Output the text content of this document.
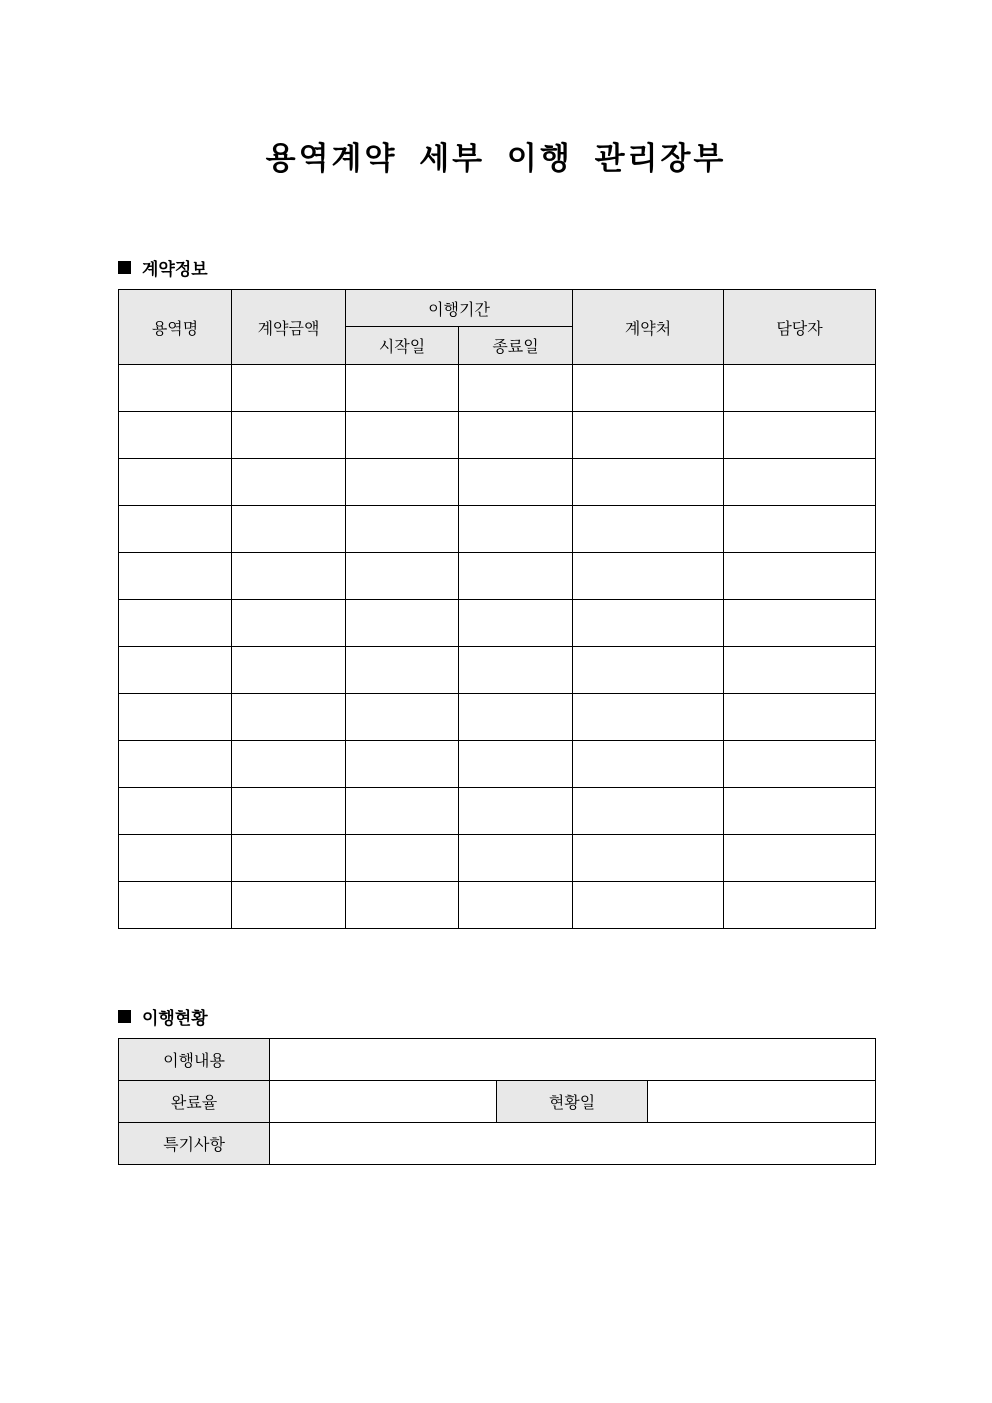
용역계약 세부 이행 관리장부
계약정보
용역명	계약금액	이행기간		계약처	담당자
		시작일	종료일		

이행현황
이행내용			
완료율		현황일	
특기사항			
